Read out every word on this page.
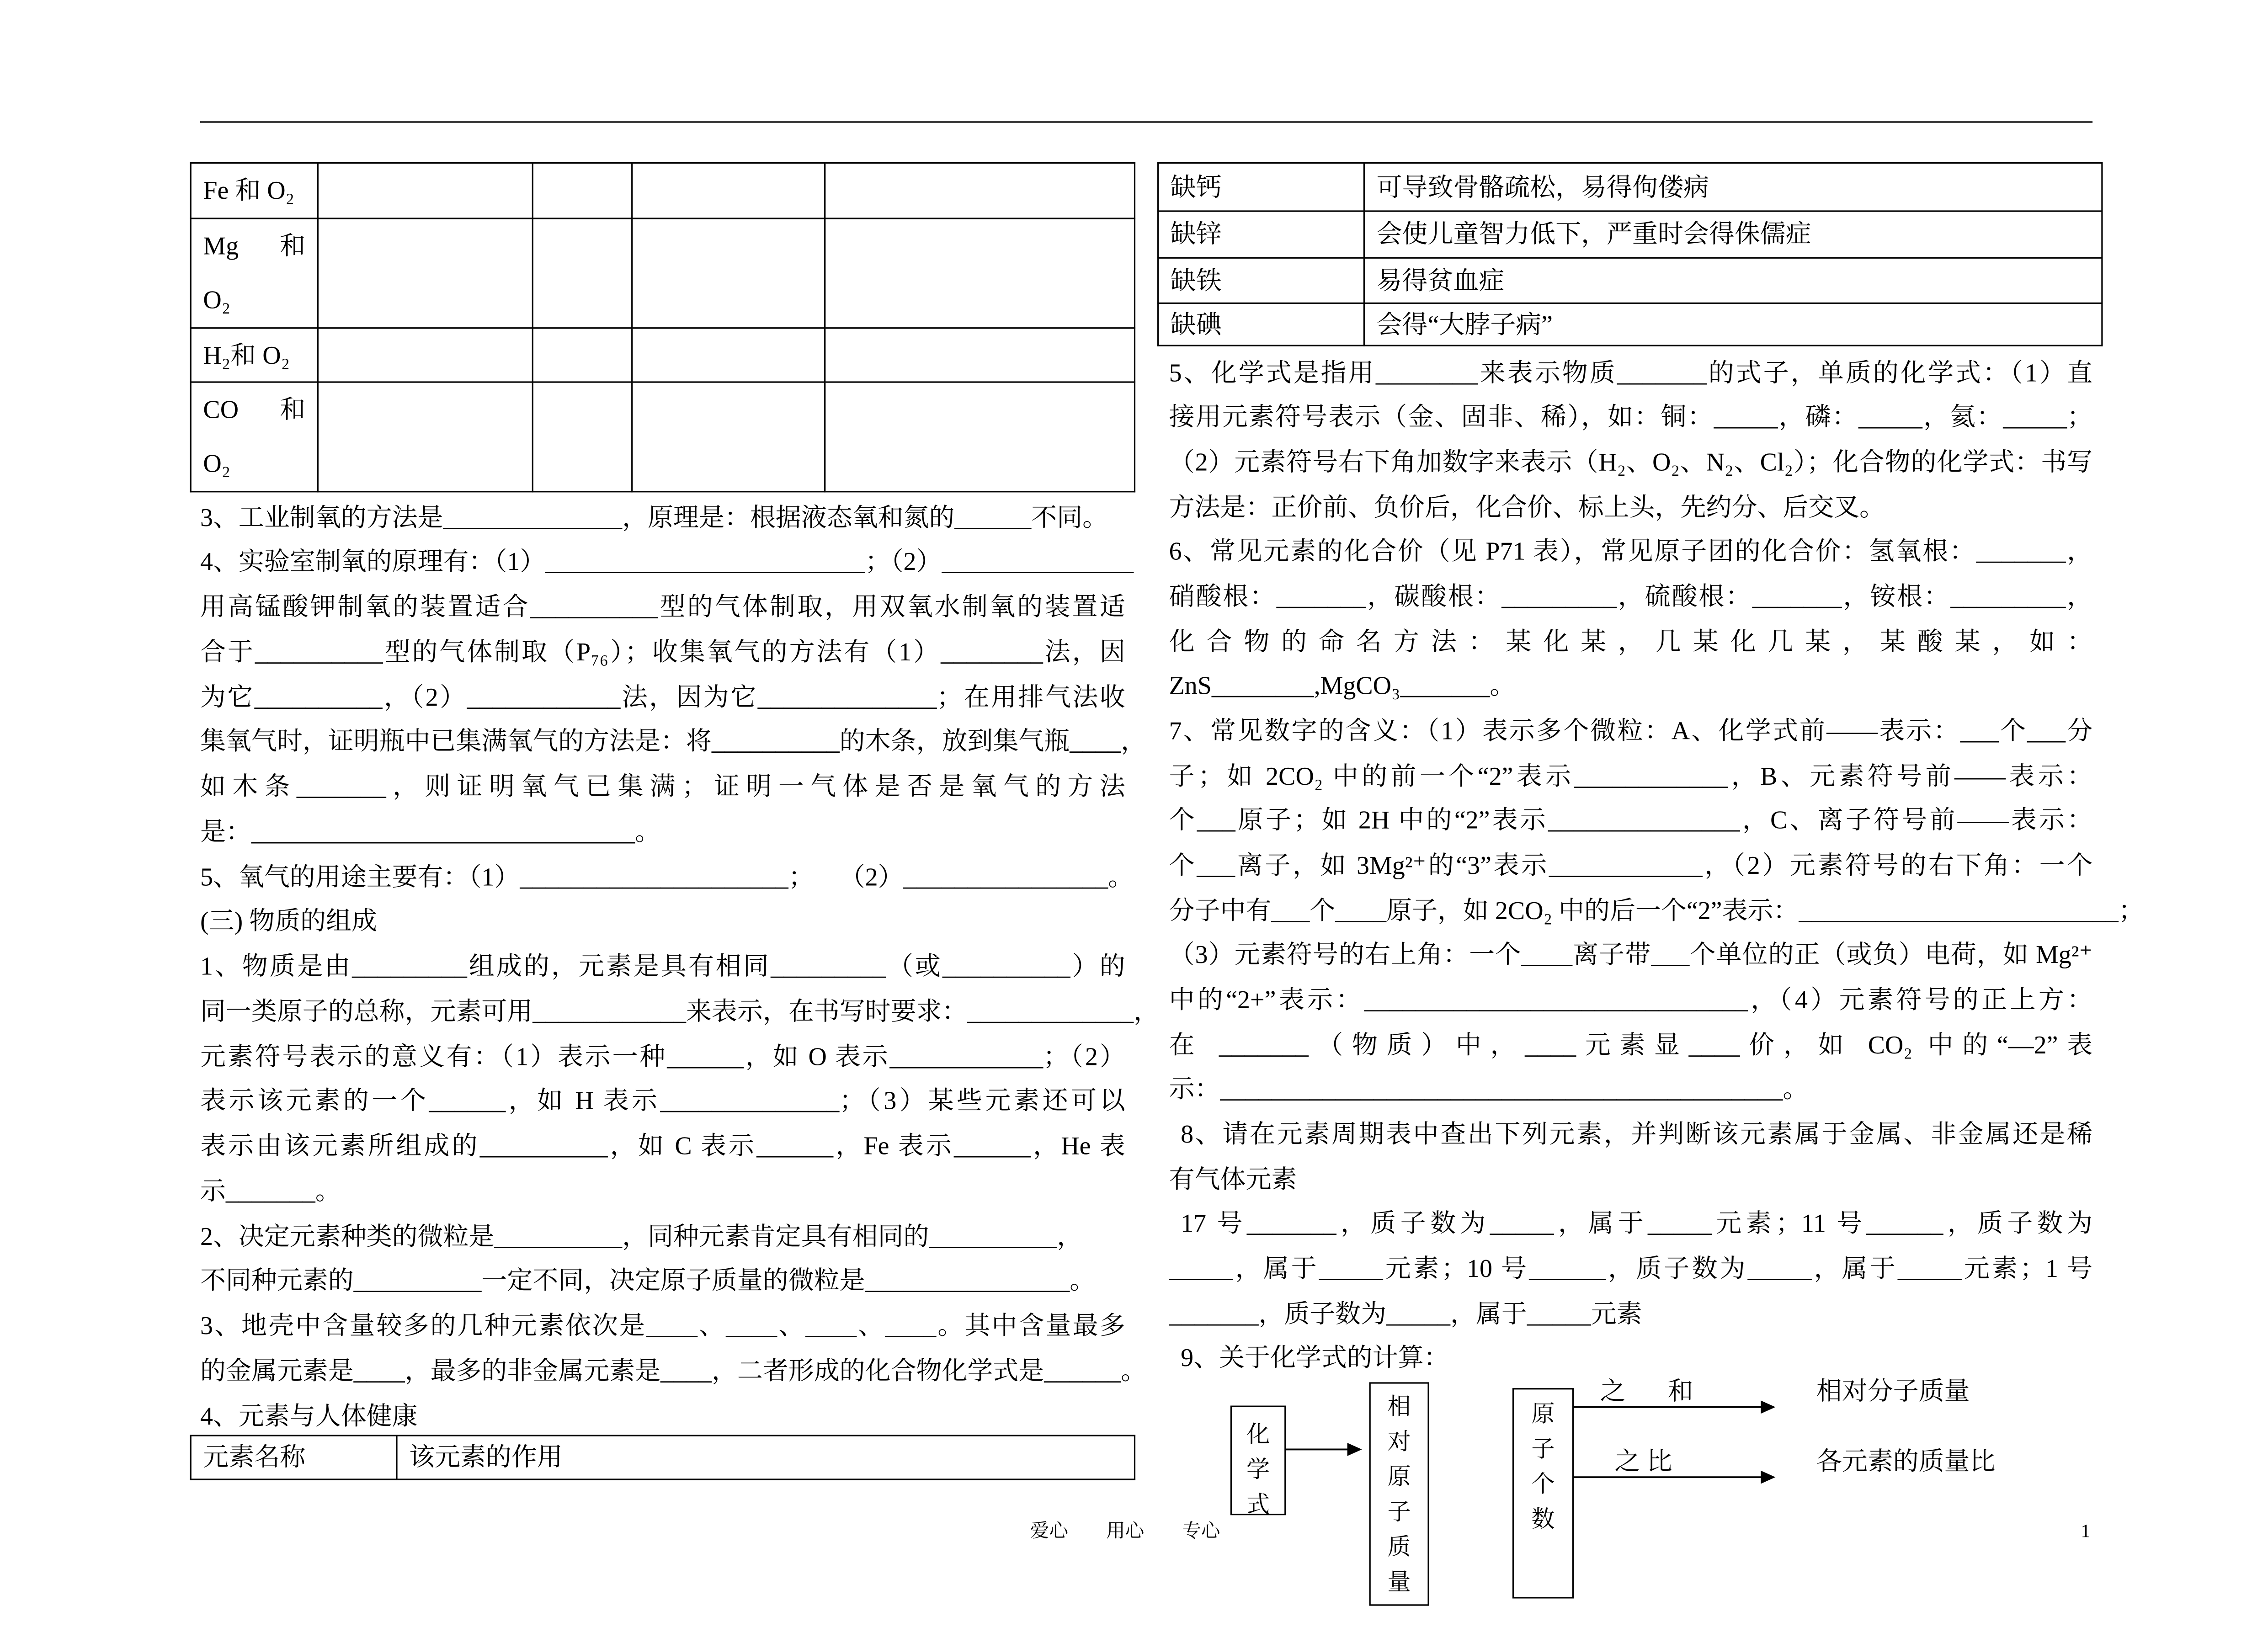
Fe 和 O₂				

Mg 和
O₂				

H₂和 O₂				

CO 和
O₂				

3、工业制氧的方法是______________，原理是：根据液态氧和氮的______不同。
4、实验室制氧的原理有：（1）_________________________；（2）_______________
用高锰酸钾制氧的装置适合__________型的气体制取，用双氧水制氧的装置适
合于__________型的气体制取（P₇₆）；收集氧气的方法有（1）________法，因
为它__________，（2）____________法，因为它______________；在用排气法收
集氧气时，证明瓶中已集满氧气的方法是：将__________的木条，放到集气瓶____，
如木条_______，则证明氧气已集满；证明一气体是否是氧气的方法
是：______________________________。
5、氧气的用途主要有：（1）_____________________；　　（2）________________。
(三) 物质的组成
1、物质是由_________组成的，元素是具有相同_________（或__________）的
同一类原子的总称，元素可用____________来表示，在书写时要求：_____________，
元素符号表示的意义有：（1）表示一种______，如 O 表示____________；（2）
表示该元素的一个______，如 H 表示______________；（3）某些元素还可以
表示由该元素所组成的__________，如 C 表示______，Fe 表示______，He 表
示_______。
2、决定元素种类的微粒是__________，同种元素肯定具有相同的__________，
不同种元素的__________一定不同，决定原子质量的微粒是________________。
3、地壳中含量较多的几种元素依次是____、____、____、____。其中含量最多
的金属元素是____，最多的非金属元素是____，二者形成的化合物化学式是______。
4、元素与人体健康
元素名称	该元素的作用
缺钙	可导致骨骼疏松，易得佝偻病
缺锌	会使儿童智力低下，严重时会得侏儒症
缺铁	易得贫血症
缺碘	会得“大脖子病”
5、化学式是指用________来表示物质_______的式子，单质的化学式：（1）直
接用元素符号表示（金、固非、稀），如：铜：_____，磷：_____，氦：_____；
（2）元素符号右下角加数字来表示（H₂、O₂、N₂、Cl₂）；化合物的化学式：书写
方法是：正价前、负价后，化合价、标上头，先约分、后交叉。
6、常见元素的化合价（见 P71 表），常见原子团的化合价：氢氧根：_______，
硝酸根：_______，碳酸根：_________，硫酸根：_______，铵根：_________，
化合物的命名方法：某化某，几某化几某，某酸某，如：
ZnS________,MgCO₃_______。
7、常见数字的含义：（1）表示多个微粒：A、化学式前——表示：___个___分
子；如 2CO₂ 中的前一个“2”表示____________，B、元素符号前——表示：
个___原子；如 2H 中的“2”表示_______________，C、离子符号前——表示：
个___离子，如 3Mg²⁺的“3”表示____________，（2）元素符号的右下角：一个
分子中有___个____原子，如 2CO₂ 中的后一个“2”表示：_________________________；
（3）元素符号的右上角：一个____离子带___个单位的正（或负）电荷，如 Mg²⁺
中的“2+”表示：______________________________，（4）元素符号的正上方：
在 _______（物质）中，____元素显____价，如 CO₂ 中的“—2”表
示：____________________________________________。
8、请在元素周期表中查出下列元素，并判断该元素属于金属、非金属还是稀
有气体元素
17 号_______，质子数为_____，属于_____元素；11 号______，质子数为
_____，属于_____元素；10 号______，质子数为_____，属于_____元素；1 号
_______，质子数为_____，属于_____元素
9、关于化学式的计算：
化学式
相对原子质量
原子个数
之  和
之 比
相对分子质量
各元素的质量比
爱心　　用心　　专心	1
